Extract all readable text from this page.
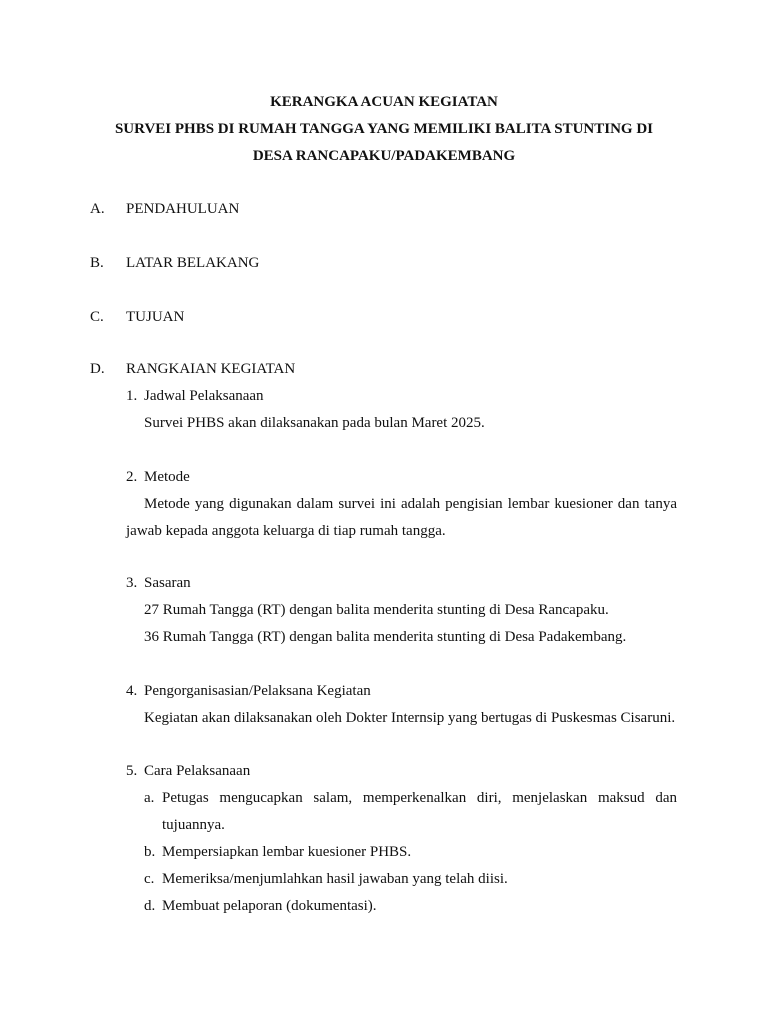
KERANGKA ACUAN KEGIATAN
SURVEI PHBS DI RUMAH TANGGA YANG MEMILIKI BALITA STUNTING DI
DESA RANCAPAKU/PADAKEMBANG
A. PENDAHULUAN
B. LATAR BELAKANG
C. TUJUAN
D. RANGKAIAN KEGIATAN
1. Jadwal Pelaksanaan
Survei PHBS akan dilaksanakan pada bulan Maret 2025.
2. Metode
Metode yang digunakan dalam survei ini adalah pengisian lembar kuesioner dan tanya
jawab kepada anggota keluarga di tiap rumah tangga.
3. Sasaran
27 Rumah Tangga (RT) dengan balita menderita stunting di Desa Rancapaku.
36 Rumah Tangga (RT) dengan balita menderita stunting di Desa Padakembang.
4. Pengorganisasian/Pelaksana Kegiatan
Kegiatan akan dilaksanakan oleh Dokter Internsip yang bertugas di Puskesmas Cisaruni.
5. Cara Pelaksanaan
a. Petugas mengucapkan salam, memperkenalkan diri, menjelaskan maksud dan
tujuannya.
b. Mempersiapkan lembar kuesioner PHBS.
c. Memeriksa/menjumlahkan hasil jawaban yang telah diisi.
d. Membuat pelaporan (dokumentasi).
